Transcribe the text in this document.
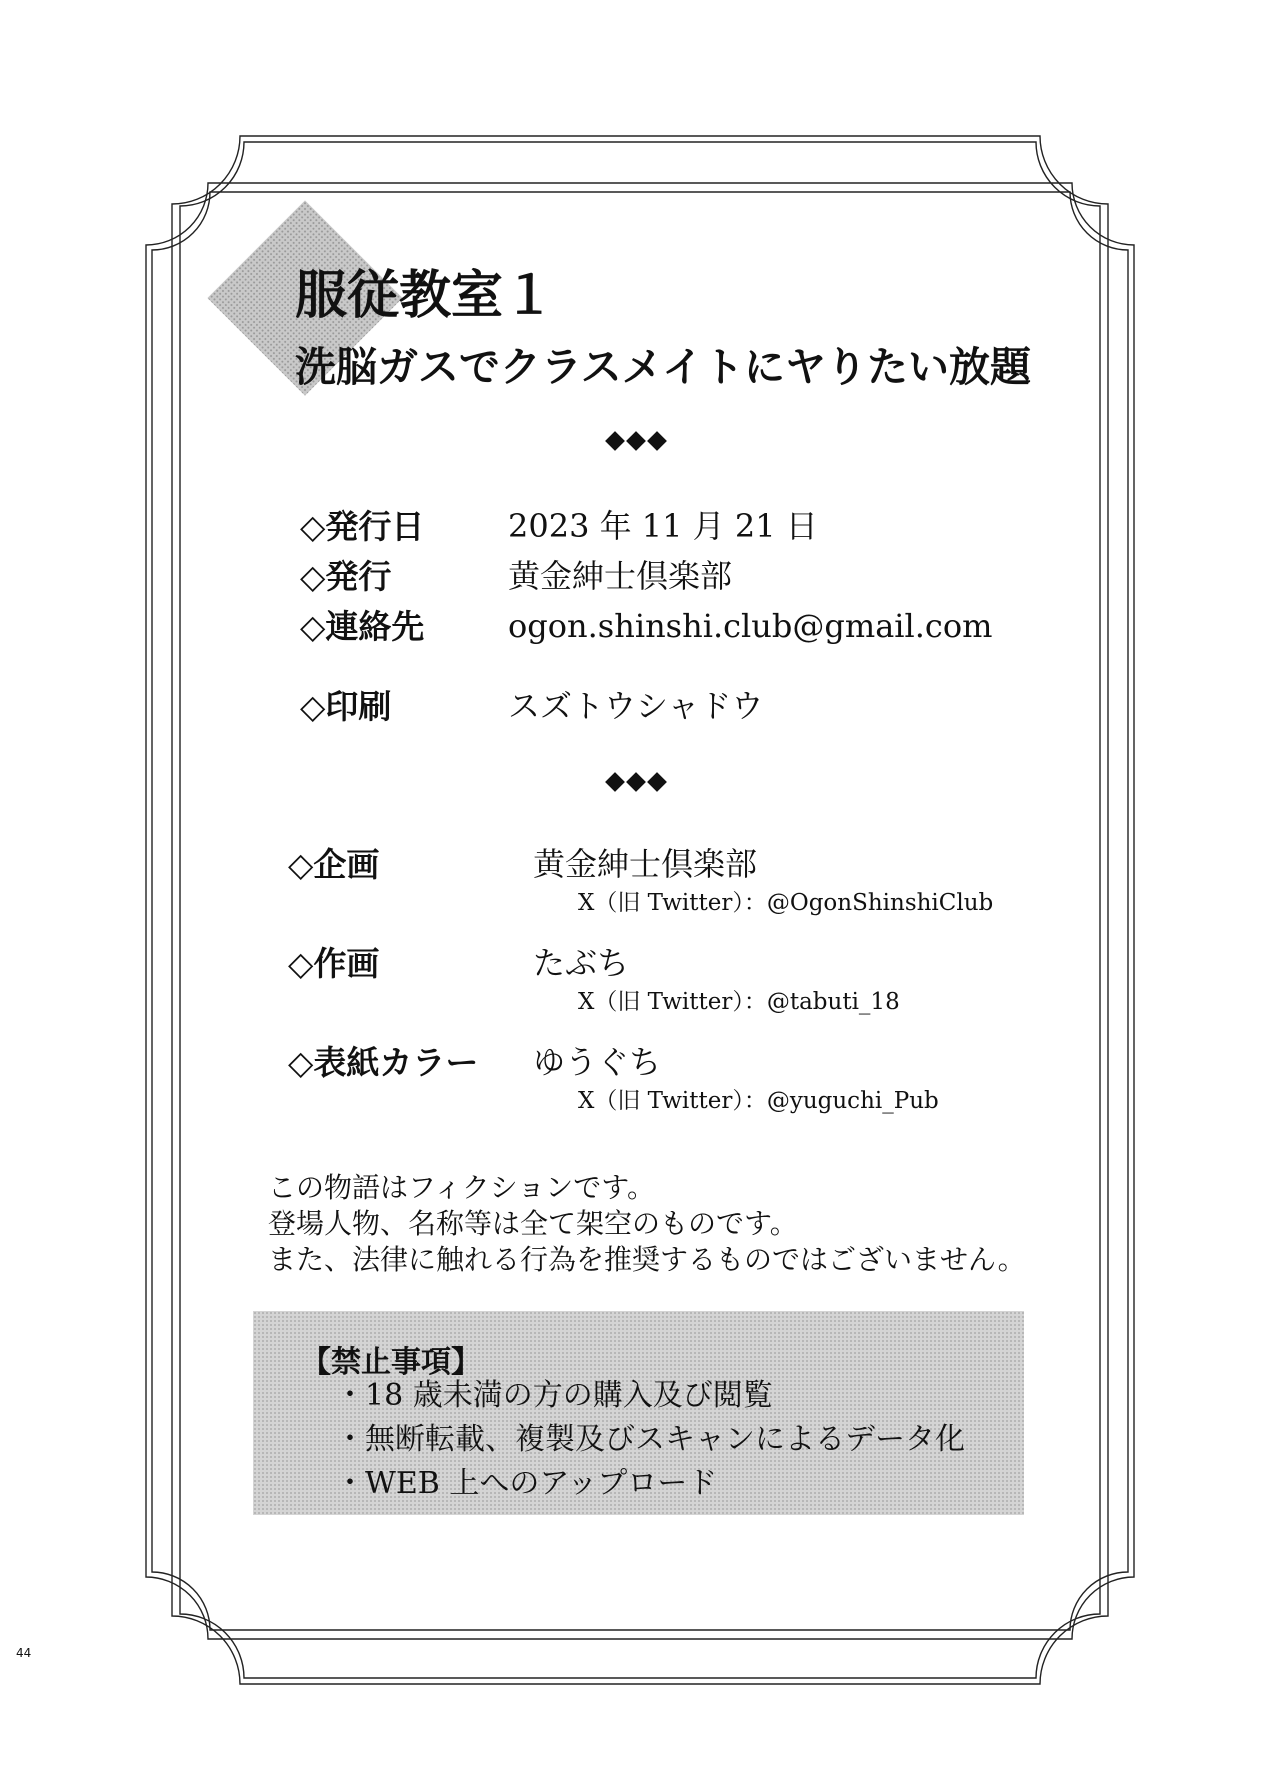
服従教室１
洗脳ガスでクラスメイトにヤりたい放題
◇発行日	2023 年 11 月 21 日
◇発行	黄金紳士倶楽部
◇連絡先	ogon.shinshi.club@gmail.com
◇印刷	スズトウシャドウ
◇企画	黄金紳士倶楽部
X（旧 Twitter）：@OgonShinshiClub
◇作画	たぶち
X（旧 Twitter）：@tabuti_18
◇表紙カラー ゆうぐち
X（旧 Twitter）：@yuguchi_Pub
この物語はフィクションです。
登場人物、名称等は全て架空のものです。
また、法律に触れる行為を推奨するものではございません。
【禁止事項】
・18 歳未満の方の購入及び閲覧
・無断転載、複製及びスキャンによるデータ化
・WEB 上へのアップロード
44
